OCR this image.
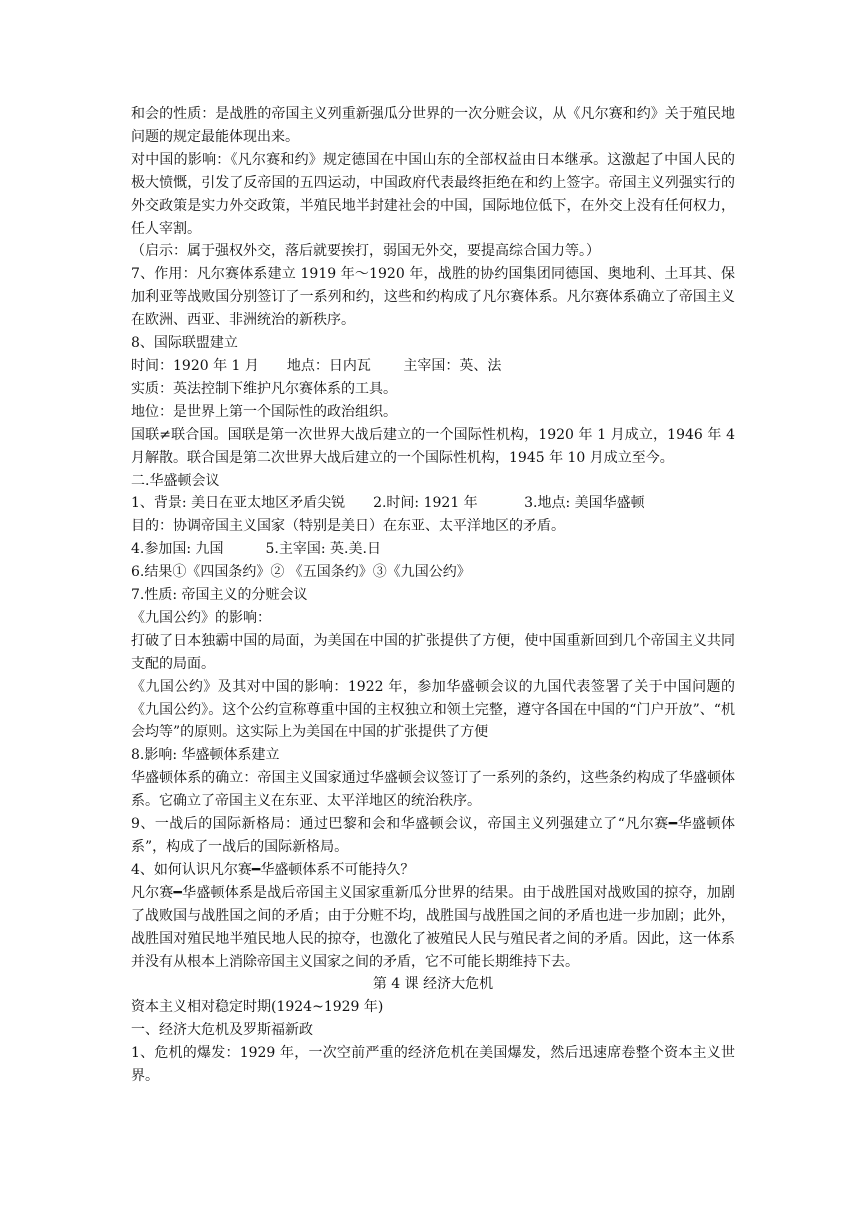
和会的性质：是战胜的帝国主义列重新强瓜分世界的一次分赃会议，从《凡尔赛和约》关于殖民地问题的规定最能体现出来。

对中国的影响：《凡尔赛和约》规定德国在中国山东的全部权益由日本继承。这激起了中国人民的极大愤慨，引发了反帝国的五四运动，中国政府代表最终拒绝在和约上签字。帝国主义列强实行的外交政策是实力外交政策，半殖民地半封建社会的中国，国际地位低下，在外交上没有任何权力，任人宰割。

（启示：属于强权外交，落后就要挨打，弱国无外交，要提高综合国力等。）

7、作用：凡尔赛体系建立 1919 年～1920 年，战胜的协约国集团同德国、奥地利、土耳其、保加利亚等战败国分别签订了一系列和约，这些和约构成了凡尔赛体系。凡尔赛体系确立了帝国主义在欧洲、西亚、非洲统治的新秩序。

8、国际联盟建立

时间：1920 年 1 月　　地点：日内瓦　　 主宰国：英、法

实质：英法控制下维护凡尔赛体系的工具。

地位：是世界上第一个国际性的政治组织。

国联≠联合国。国联是第一次世界大战后建立的一个国际性机构，1920 年 1 月成立，1946 年 4 月解散。联合国是第二次世界大战后建立的一个国际性机构，1945 年 10 月成立至今。

二.华盛顿会议

1、背景: 美日在亚太地区矛盾尖锐　　2.时间: 1921 年　　　 3.地点: 美国华盛顿

目的：协调帝国主义国家（特别是美日）在东亚、太平洋地区的矛盾。

4.参加国: 九国　　　5.主宰国: 英.美.日

6.结果①《四国条约》② 《五国条约》③《九国公约》

7.性质: 帝国主义的分赃会议

《九国公约》的影响：

打破了日本独霸中国的局面，为美国在中国的扩张提供了方便，使中国重新回到几个帝国主义共同支配的局面。

《九国公约》及其对中国的影响：1922 年，参加华盛顿会议的九国代表签署了关于中国问题的《九国公约》。这个公约宣称尊重中国的主权独立和领土完整，遵守各国在中国的“门户开放”、“机会均等”的原则。这实际上为美国在中国的扩张提供了方便

8.影响: 华盛顿体系建立

华盛顿体系的确立：帝国主义国家通过华盛顿会议签订了一系列的条约，这些条约构成了华盛顿体系。它确立了帝国主义在东亚、太平洋地区的统治秩序。

9、一战后的国际新格局：通过巴黎和会和华盛顿会议，帝国主义列强建立了“凡尔赛━华盛顿体系”，构成了一战后的国际新格局。

4、如何认识凡尔赛━华盛顿体系不可能持久？

凡尔赛━华盛顿体系是战后帝国主义国家重新瓜分世界的结果。由于战胜国对战败国的掠夺，加剧了战败国与战胜国之间的矛盾；由于分赃不均，战胜国与战胜国之间的矛盾也进一步加剧；此外，战胜国对殖民地半殖民地人民的掠夺，也激化了被殖民人民与殖民者之间的矛盾。因此，这一体系并没有从根本上消除帝国主义国家之间的矛盾，它不可能长期维持下去。

第 4 课 经济大危机

资本主义相对稳定时期(1924~1929 年)

一、经济大危机及罗斯福新政

1、危机的爆发：1929 年，一次空前严重的经济危机在美国爆发，然后迅速席卷整个资本主义世界。
